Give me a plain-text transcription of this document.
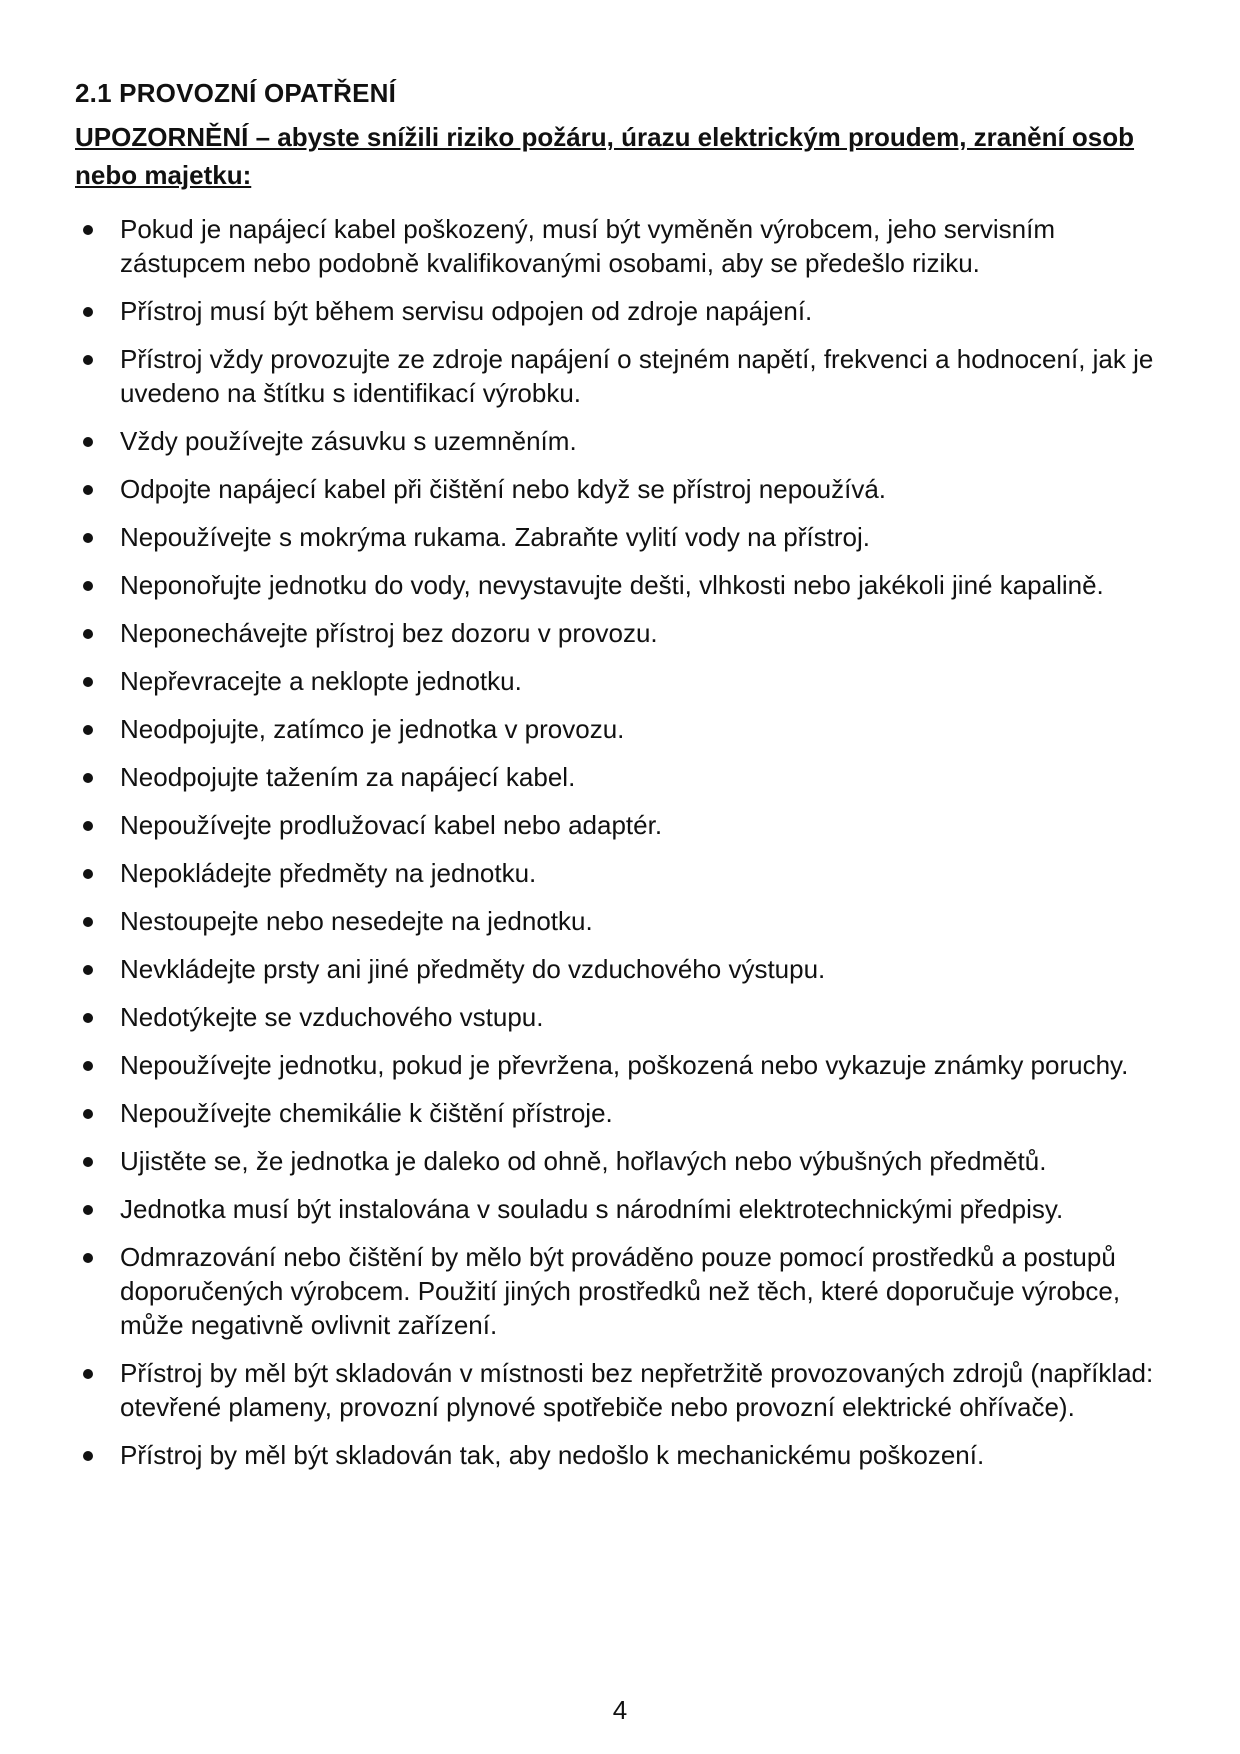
2.1 PROVOZNÍ OPATŘENÍ

UPOZORNĚNÍ – abyste snížili riziko požáru, úrazu elektrickým proudem, zranění osob nebo majetku:

Pokud je napájecí kabel poškozený, musí být vyměněn výrobcem, jeho servisním zástupcem nebo podobně kvalifikovanými osobami, aby se předešlo riziku.
Přístroj musí být během servisu odpojen od zdroje napájení.
Přístroj vždy provozujte ze zdroje napájení o stejném napětí, frekvenci a hodnocení, jak je uvedeno na štítku s identifikací výrobku.
Vždy používejte zásuvku s uzemněním.
Odpojte napájecí kabel při čištění nebo když se přístroj nepoužívá.
Nepoužívejte s mokrýma rukama. Zabraňte vylití vody na přístroj.
Neponořujte jednotku do vody, nevystavujte dešti, vlhkosti nebo jakékoli jiné kapalině.
Neponechávejte přístroj bez dozoru v provozu.
Nepřevracejte a neklopte jednotku.
Neodpojujte, zatímco je jednotka v provozu.
Neodpojujte tažením za napájecí kabel.
Nepoužívejte prodlužovací kabel nebo adaptér.
Nepokládejte předměty na jednotku.
Nestoupejte nebo nesedejte na jednotku.
Nevkládejte prsty ani jiné předměty do vzduchového výstupu.
Nedotýkejte se vzduchového vstupu.
Nepoužívejte jednotku, pokud je převržena, poškozená nebo vykazuje známky poruchy.
Nepoužívejte chemikálie k čištění přístroje.
Ujistěte se, že jednotka je daleko od ohně, hořlavých nebo výbušných předmětů.
Jednotka musí být instalována v souladu s národními elektrotechnickými předpisy.
Odmrazování nebo čištění by mělo být prováděno pouze pomocí prostředků a postupů doporučených výrobcem. Použití jiných prostředků než těch, které doporučuje výrobce, může negativně ovlivnit zařízení.
Přístroj by měl být skladován v místnosti bez nepřetržitě provozovaných zdrojů (například: otevřené plameny, provozní plynové spotřebiče nebo provozní elektrické ohřívače).
Přístroj by měl být skladován tak, aby nedošlo k mechanickému poškození.
4
